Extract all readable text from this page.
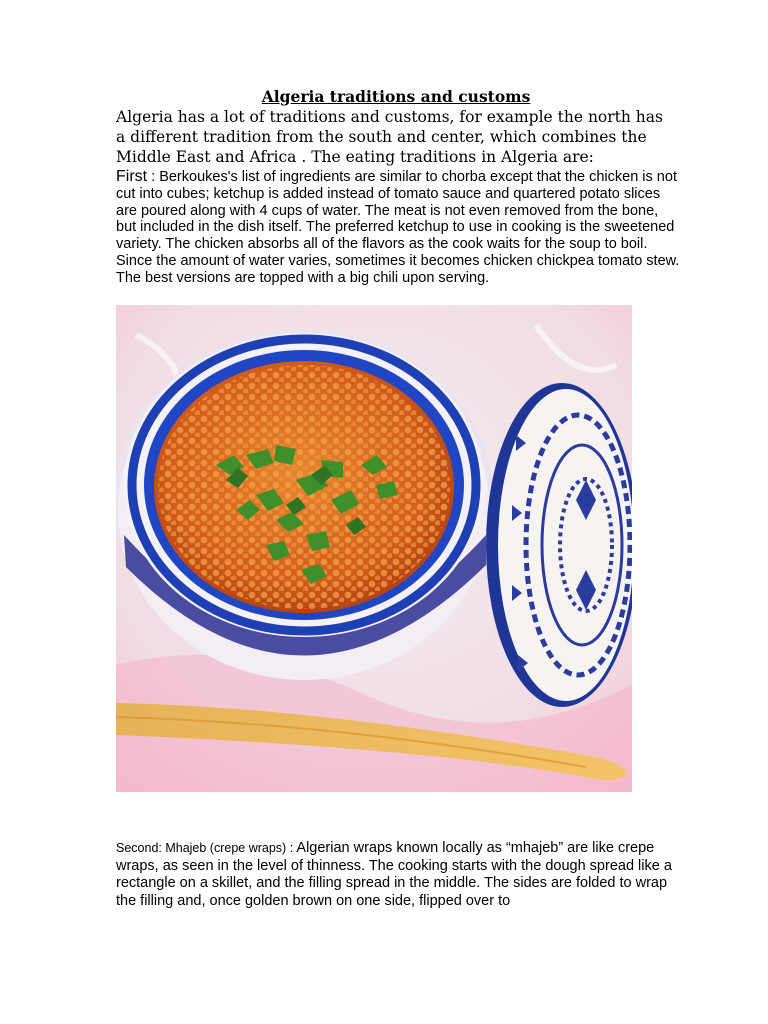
Algeria traditions and customs
Algeria has a lot of traditions and customs, for example the north has a different tradition from the south and center, which combines the Middle East and Africa . The eating traditions in Algeria are:
First : Berkoukes's list of ingredients are similar to chorba except that the chicken is not cut into cubes; ketchup is added instead of tomato sauce and quartered potato slices are poured along with 4 cups of water. The meat is not even removed from the bone, but included in the dish itself. The preferred ketchup to use in cooking is the sweetened variety. The chicken absorbs all of the flavors as the cook waits for the soup to boil. Since the amount of water varies, sometimes it becomes chicken chickpea tomato stew. The best versions are topped with a big chili upon serving.
Second: Mhajeb (crepe wraps) : Algerian wraps known locally as “mhajeb” are like crepe wraps, as seen in the level of thinness. The cooking starts with the dough spread like a rectangle on a skillet, and the filling spread in the middle. The sides are folded to wrap the filling and, once golden brown on one side, flipped over to
